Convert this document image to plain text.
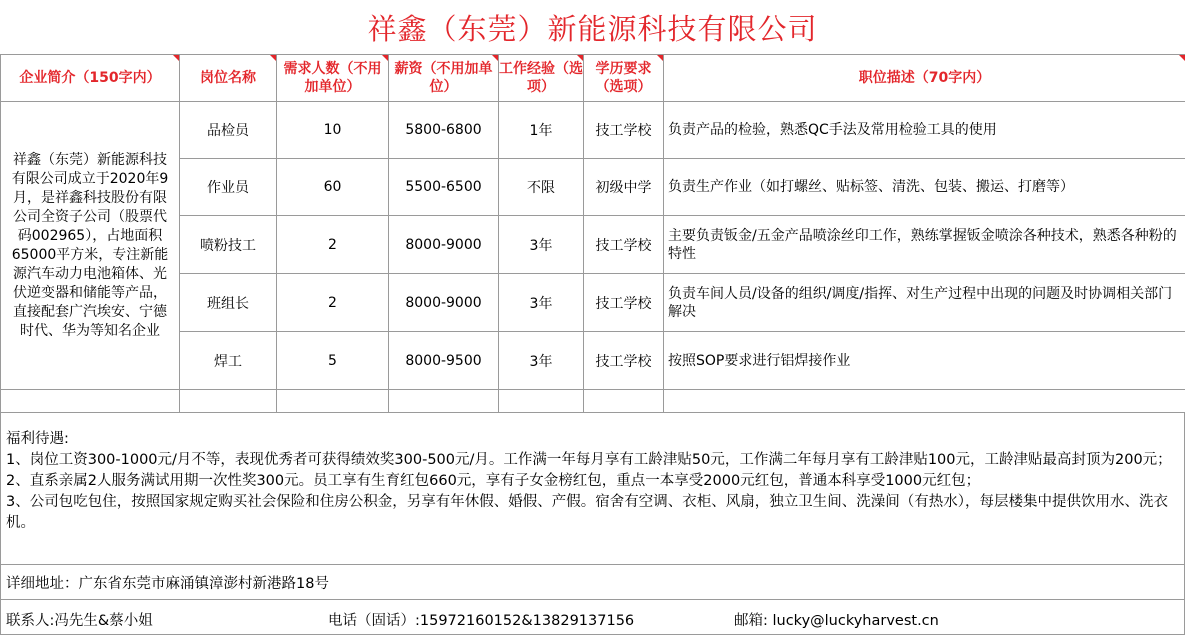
祥鑫（东莞）新能源科技有限公司
企业简介（150字内）	岗位名称	需求人数（不用加单位）	薪资（不用加单位）	工作经验（选项）	学历要求（选项）	职位描述（70字内）

祥鑫（东莞）新能源科技有限公司成立于2020年9月，是祥鑫科技股份有限公司全资子公司（股票代码002965），占地面积65000平方米，专注新能源汽车动力电池箱体、光伏逆变器和储能等产品，直接配套广汽埃安、宁德时代、华为等知名企业	品检员	10	5800-6800	1年	技工学校	负责产品的检验，熟悉QC手法及常用检验工具的使用
	作业员	60	5500-6500	不限	初级中学	负责生产作业（如打螺丝、贴标签、清洗、包装、搬运、打磨等）
	喷粉技工	2	8000-9000	3年	技工学校	主要负责钣金/五金产品喷涂丝印工作，熟练掌握钣金喷涂各种技术，熟悉各种粉的特性
	班组长	2	8000-9000	3年	技工学校	负责车间人员/设备的组织/调度/指挥、对生产过程中出现的问题及时协调相关部门解决
	焊工	5	8000-9500	3年	技工学校	按照SOP要求进行铝焊接作业

福利待遇:
1、岗位工资300-1000元/月不等，表现优秀者可获得绩效奖300-500元/月。工作满一年每月享有工龄津贴50元，工作满二年每月享有工龄津贴100元，工龄津贴最高封顶为200元；
2、直系亲属2人服务满试用期一次性奖300元。员工享有生育红包660元，享有子女金榜红包，重点一本享受2000元红包，普通本科享受1000元红包；
3、公司包吃包住，按照国家规定购买社会保险和住房公积金，另享有年休假、婚假、产假。宿舍有空调、衣柜、风扇，独立卫生间、洗澡间（有热水），每层楼集中提供饮用水、洗衣机。
详细地址：广东省东莞市麻涌镇漳澎村新港路18号
联系人:冯先生&蔡小姐	电话（固话）:15972160152&13829137156	邮箱: lucky@luckyharvest.cn
